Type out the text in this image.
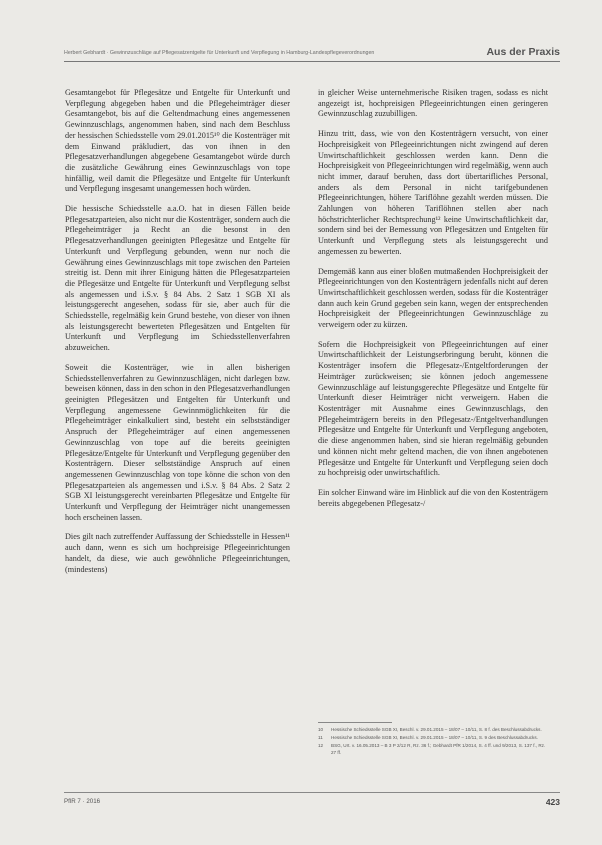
Herbert Gebhardt · Gewinnzuschläge auf Pflegesatzentgelte für Unterkunft und Verpflegung in Hamburg-Landespflegeverordnungen	Aus der Praxis

Gesamtangebot für Pflegesätze und Entgelte für Unterkunft und Verpflegung abgegeben haben und die Pflegeheimträger dieser Gesamtangebot, bis auf die Geltendmachung eines angemessenen Gewinnzuschlags, angenommen haben, sind nach dem Beschluss der hessischen Schiedsstelle vom 29.01.2015¹⁰ die Kostenträger mit dem Einwand präkludiert, das von ihnen in den Pflegesatzverhandlungen abgegebene Gesamtangebot würde durch die zusätzliche Gewährung eines Gewinnzuschlags von tope hinfällig, weil damit die Pflegesätze und Entgelte für Unterkunft und Verpflegung insgesamt unangemessen hoch würden.

Die hessische Schiedsstelle a.a.O. hat in diesen Fällen beide Pflegesatzparteien, also nicht nur die Kostenträger, sondern auch die Pflegeheimträger ja Recht an die besonst in den Pflegesatzverhandlungen geeinigten Pflegesätze und Entgelte für Unterkunft und Verpflegung gebunden, wenn nur noch die Gewährung eines Gewinnzuschlags mit tope zwischen den Parteien streitig ist. Denn mit ihrer Einigung hätten die Pflegesatzparteien die Pflegesätze und Entgelte für Unterkunft und Verpflegung selbst als angemessen und i.S.v. § 84 Abs. 2 Satz 1 SGB XI als leistungsgerecht angesehen, sodass für sie, aber auch für die Schiedsstelle, regelmäßig kein Grund bestehe, von dieser von ihnen als leistungsgerecht bewerteten Pflegesätzen und Entgelten für Unterkunft und Verpflegung im Schiedsstellenverfahren abzuweichen.

Soweit die Kostenträger, wie in allen bisherigen Schiedsstellenverfahren zu Gewinnzuschlägen, nicht darlegen bzw. beweisen können, dass in den schon in den Pflegesatzverhandlungen geeinigten Pflegesätzen und Entgelten für Unterkunft und Verpflegung angemessene Gewinnmöglichkeiten für die Pflegeheimträger einkalkuliert sind, besteht ein selbstständiger Anspruch der Pflegeheimträger auf einen angemessenen Gewinnzuschlag von tope auf die bereits geeinigten Pflegesätze/Entgelte für Unterkunft und Verpflegung gegenüber den Kostenträgern. Dieser selbstständige Anspruch auf einen angemessenen Gewinnzuschlag von tope könne die schon von den Pflegesatzparteien als angemessen und i.S.v. § 84 Abs. 2 Satz 2 SGB XI leistungsgerecht vereinbarten Pflegesätze und Entgelte für Unterkunft und Verpflegung der Heimträger nicht unangemessen hoch erscheinen lassen.

Dies gilt nach zutreffender Auffassung der Schiedsstelle in Hessen¹¹ auch dann, wenn es sich um hochpreisige Pflegeeinrichtungen handelt, da diese, wie auch gewöhnliche Pflegeeinrichtungen, (mindestens)

in gleicher Weise unternehmerische Risiken tragen, sodass es nicht angezeigt ist, hochpreisigen Pflegeeinrichtungen einen geringeren Gewinnzuschlag zuzubilligen.

Hinzu tritt, dass, wie von den Kostenträgern versucht, von einer Hochpreisigkeit von Pflegeeinrichtungen nicht zwingend auf deren Unwirtschaftlichkeit geschlossen werden kann. Denn die Hochpreisigkeit von Pflegeeinrichtungen wird regelmäßig, wenn auch nicht immer, darauf beruhen, dass dort übertarifliches Personal, anders als dem Personal in nicht tarifgebundenen Pflegeeinrichtungen, höhere Tariflöhne gezahlt werden müssen. Die Zahlungen von höheren Tariflöhnen stellen aber nach höchstrichterlicher Rechtsprechung¹² keine Unwirtschaftlichkeit dar, sondern sind bei der Bemessung von Pflegesätzen und Entgelten für Unterkunft und Verpflegung stets als leistungsgerecht und angemessen zu bewerten.

Demgemäß kann aus einer bloßen mutmaßenden Hochpreisigkeit der Pflegeeinrichtungen von den Kostenträgern jedenfalls nicht auf deren Unwirtschaftlichkeit geschlossen werden, sodass für die Kostenträger dann auch kein Grund gegeben sein kann, wegen der entsprechenden Hochpreisigkeit der Pflegeeinrichtungen Gewinnzuschläge zu verweigern oder zu kürzen.

Sofern die Hochpreisigkeit von Pflegeeinrichtungen auf einer Unwirtschaftlichkeit der Leistungserbringung beruht, können die Kostenträger insofern die Pflegesatz-/Entgeltforderungen der Heimträger zurückweisen; sie können jedoch angemessene Gewinnzuschläge auf leistungsgerechte Pflegesätze und Entgelte für Unterkunft dieser Heimträger nicht verweigern. Haben die Kostenträger mit Ausnahme eines Gewinnzuschlags, den Pflegeheimträgern bereits in den Pflegesatz-/Entgeltverhandlungen Pflegesätze und Entgelte für Unterkunft und Verpflegung angeboten, die diese angenommen haben, sind sie hieran regelmäßig gebunden und können nicht mehr geltend machen, die von ihnen angebotenen Pflegesätze und Entgelte für Unterkunft und Verpflegung seien doch zu hochpreisig oder unwirtschaftlich.

Ein solcher Einwand wäre im Hinblick auf die von den Kostenträgern bereits abgegebenen Pflegesatz-/

10	Hessische Schiedsstelle SGB XI, Beschl. v. 29.01.2015 – 18/07 – 10/11, S. 8 f. des Beschlussabdrucks.
11	Hessische Schiedsstelle SGB XI, Beschl. v. 29.01.2015 – 18/07 – 10/11, S. 9 des Beschlussabdrucks.
12	BSG, Urt. v. 16.05.2013 – B 3 P 2/12 R, Rz. 36 f.; Gebhardt PfR 1/2014, S. 4 ff. und 9/2013, S. 137 f., Rz. 27 ff.
PflR 7 · 2016	423
